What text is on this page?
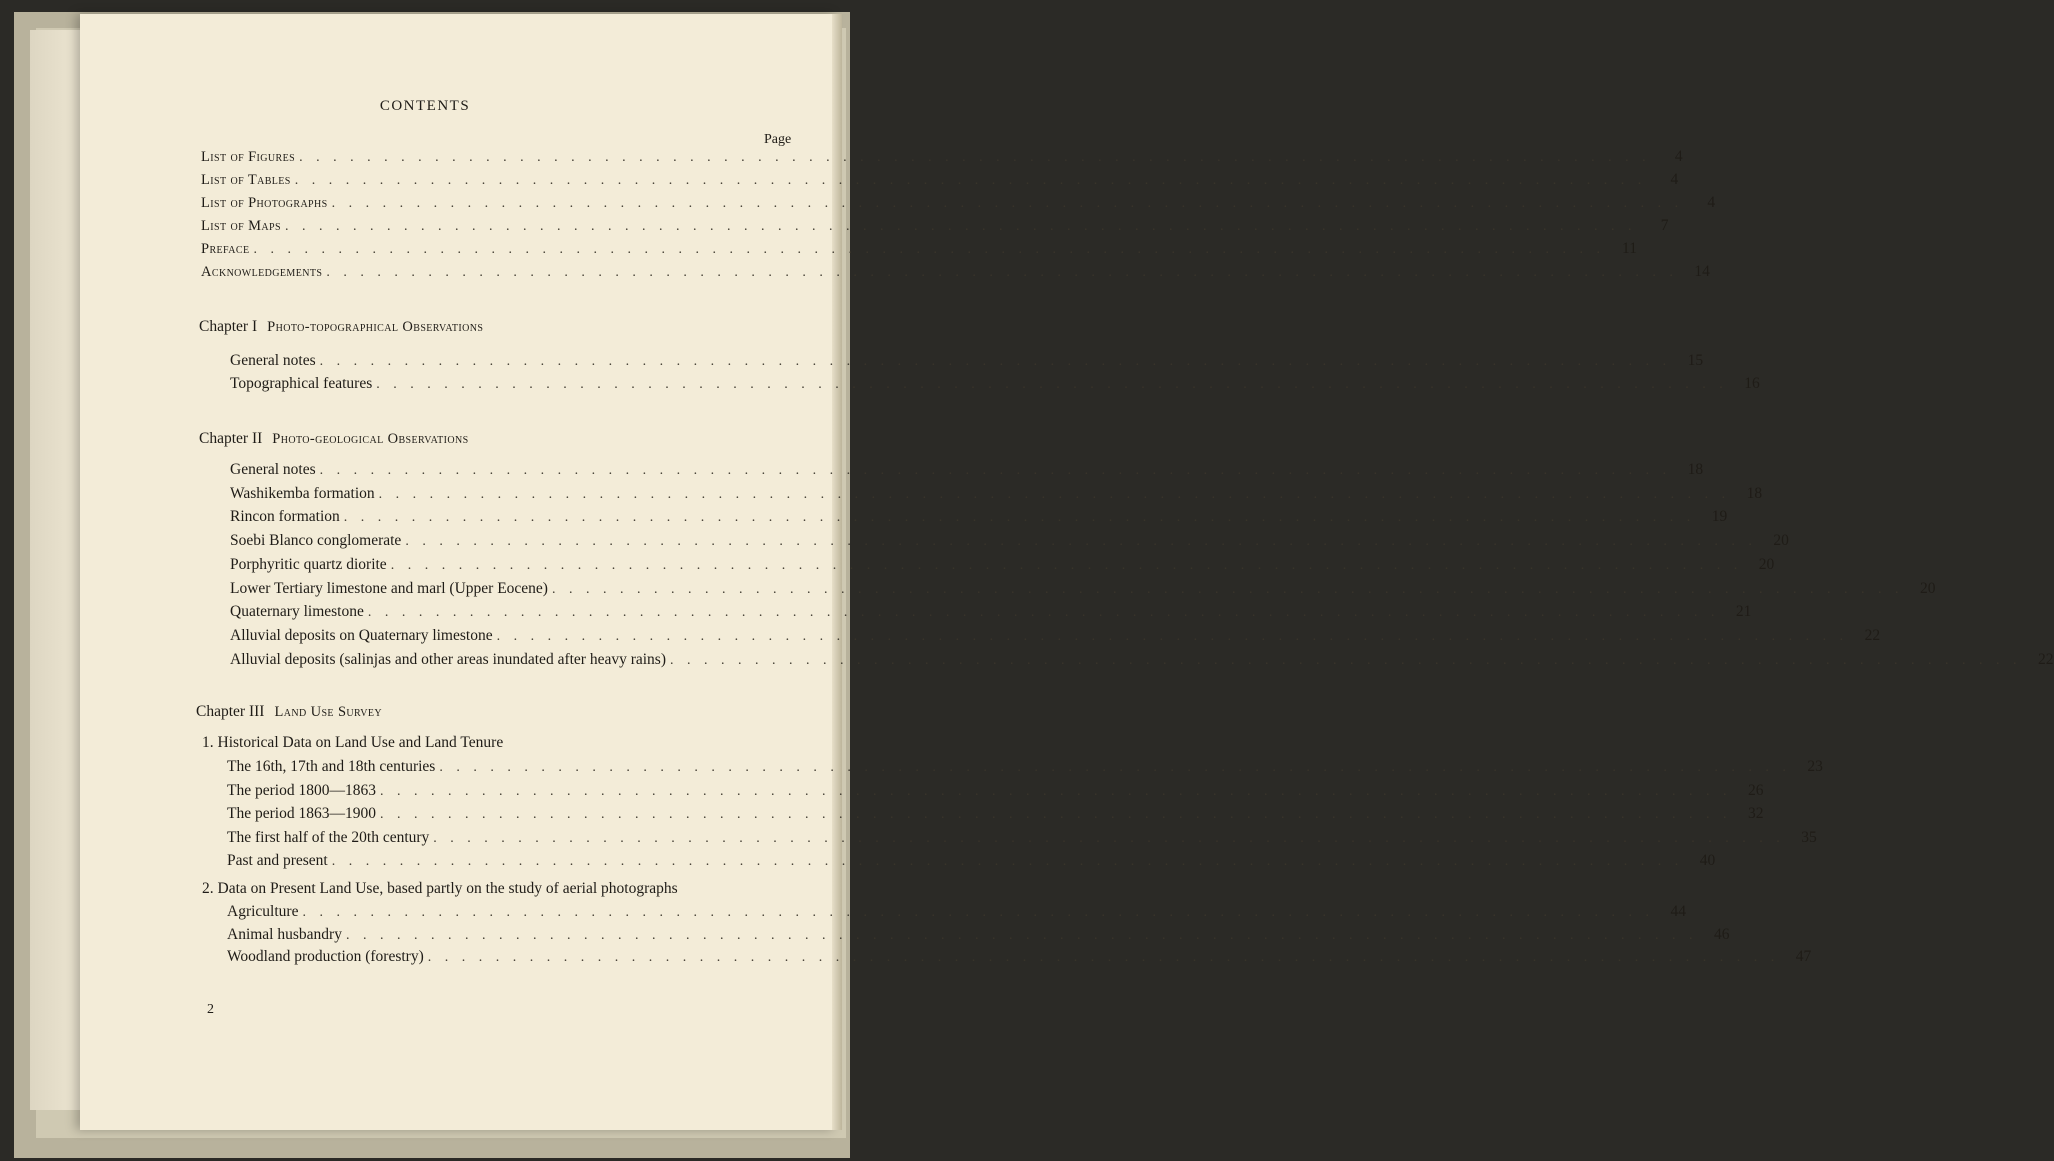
CONTENTS
Page
List of Figures . . . . . . . . . . . . . . . . . . . . . . . . . . . . . . . . . . . . . . . . . . . . . . . . . . . . . . . . . . . . . . . . . . . . . . . . . . . . . . . .	4
List of Tables . . . . . . . . . . . . . . . . . . . . . . . . . . . . . . . . . . . . . . . . . . . . . . . . . . . . . . . . . . . . . . . . . . . . . . . . . . . . . . . .	4
List of Photographs . . . . . . . . . . . . . . . . . . . . . . . . . . . . . . . . . . . . . . . . . . . . . . . . . . . . . . . . . . . . . . . . . . . . . . . . . . . . . . . .	4
List of Maps . . . . . . . . . . . . . . . . . . . . . . . . . . . . . . . . . . . . . . . . . . . . . . . . . . . . . . . . . . . . . . . . . . . . . . . . . . . . . . . .	7
Preface . . . . . . . . . . . . . . . . . . . . . . . . . . . . . . . . . . . . . . . . . . . . . . . . . . . . . . . . . . . . . . . . . . . . . . . . . . . . . . . .	11
Acknowledgements . . . . . . . . . . . . . . . . . . . . . . . . . . . . . . . . . . . . . . . . . . . . . . . . . . . . . . . . . . . . . . . . . . . . . . . . . . . . . . . .	14
Chapter I Photo-topographical Observations
General notes . . . . . . . . . . . . . . . . . . . . . . . . . . . . . . . . . . . . . . . . . . . . . . . . . . . . . . . . . . . . . . . . . . . . . . . . . . . . . . . .	15
Topographical features . . . . . . . . . . . . . . . . . . . . . . . . . . . . . . . . . . . . . . . . . . . . . . . . . . . . . . . . . . . . . . . . . . . . . . . . . . . . . . . .	16
Chapter II Photo-geological Observations
General notes . . . . . . . . . . . . . . . . . . . . . . . . . . . . . . . . . . . . . . . . . . . . . . . . . . . . . . . . . . . . . . . . . . . . . . . . . . . . . . . .	18
Washikemba formation . . . . . . . . . . . . . . . . . . . . . . . . . . . . . . . . . . . . . . . . . . . . . . . . . . . . . . . . . . . . . . . . . . . . . . . . . . . . . . . .	18
Rincon formation . . . . . . . . . . . . . . . . . . . . . . . . . . . . . . . . . . . . . . . . . . . . . . . . . . . . . . . . . . . . . . . . . . . . . . . . . . . . . . . .	19
Soebi Blanco conglomerate . . . . . . . . . . . . . . . . . . . . . . . . . . . . . . . . . . . . . . . . . . . . . . . . . . . . . . . . . . . . . . . . . . . . . . . . . . . . . . . .	20
Porphyritic quartz diorite . . . . . . . . . . . . . . . . . . . . . . . . . . . . . . . . . . . . . . . . . . . . . . . . . . . . . . . . . . . . . . . . . . . . . . . . . . . . . . . .	20
Lower Tertiary limestone and marl (Upper Eocene) . . . . . . . . . . . . . . . . . . . . . . . . . . . . . . . . . . . . . . . . . . . . . . . . . . . . . . . . . . . . . . . . . . . . . . . . . . . . . . . .	20
Quaternary limestone . . . . . . . . . . . . . . . . . . . . . . . . . . . . . . . . . . . . . . . . . . . . . . . . . . . . . . . . . . . . . . . . . . . . . . . . . . . . . . . .	21
Alluvial deposits on Quaternary limestone . . . . . . . . . . . . . . . . . . . . . . . . . . . . . . . . . . . . . . . . . . . . . . . . . . . . . . . . . . . . . . . . . . . . . . . . . . . . . . . .	22
Alluvial deposits (salinjas and other areas inundated after heavy rains) . . . . . . . . . . . . . . . . . . . . . . . . . . . . . . . . . . . . . . . . . . . . . . . . . . . . . . . . . . . . . . . . . . . . . . . . . . . . . . . .	22
Chapter III Land Use Survey
1. Historical Data on Land Use and Land Tenure
The 16th, 17th and 18th centuries . . . . . . . . . . . . . . . . . . . . . . . . . . . . . . . . . . . . . . . . . . . . . . . . . . . . . . . . . . . . . . . . . . . . . . . . . . . . . . . .	23
The period 1800—1863 . . . . . . . . . . . . . . . . . . . . . . . . . . . . . . . . . . . . . . . . . . . . . . . . . . . . . . . . . . . . . . . . . . . . . . . . . . . . . . . .	26
The period 1863—1900 . . . . . . . . . . . . . . . . . . . . . . . . . . . . . . . . . . . . . . . . . . . . . . . . . . . . . . . . . . . . . . . . . . . . . . . . . . . . . . . .	32
The first half of the 20th century . . . . . . . . . . . . . . . . . . . . . . . . . . . . . . . . . . . . . . . . . . . . . . . . . . . . . . . . . . . . . . . . . . . . . . . . . . . . . . . .	35
Past and present . . . . . . . . . . . . . . . . . . . . . . . . . . . . . . . . . . . . . . . . . . . . . . . . . . . . . . . . . . . . . . . . . . . . . . . . . . . . . . . .	40
2. Data on Present Land Use, based partly on the study of aerial photographs
Agriculture . . . . . . . . . . . . . . . . . . . . . . . . . . . . . . . . . . . . . . . . . . . . . . . . . . . . . . . . . . . . . . . . . . . . . . . . . . . . . . . .	44
Animal husbandry . . . . . . . . . . . . . . . . . . . . . . . . . . . . . . . . . . . . . . . . . . . . . . . . . . . . . . . . . . . . . . . . . . . . . . . . . . . . . . . .	46
Woodland production (forestry) . . . . . . . . . . . . . . . . . . . . . . . . . . . . . . . . . . . . . . . . . . . . . . . . . . . . . . . . . . . . . . . . . . . . . . . . . . . . . . . .	47
2
